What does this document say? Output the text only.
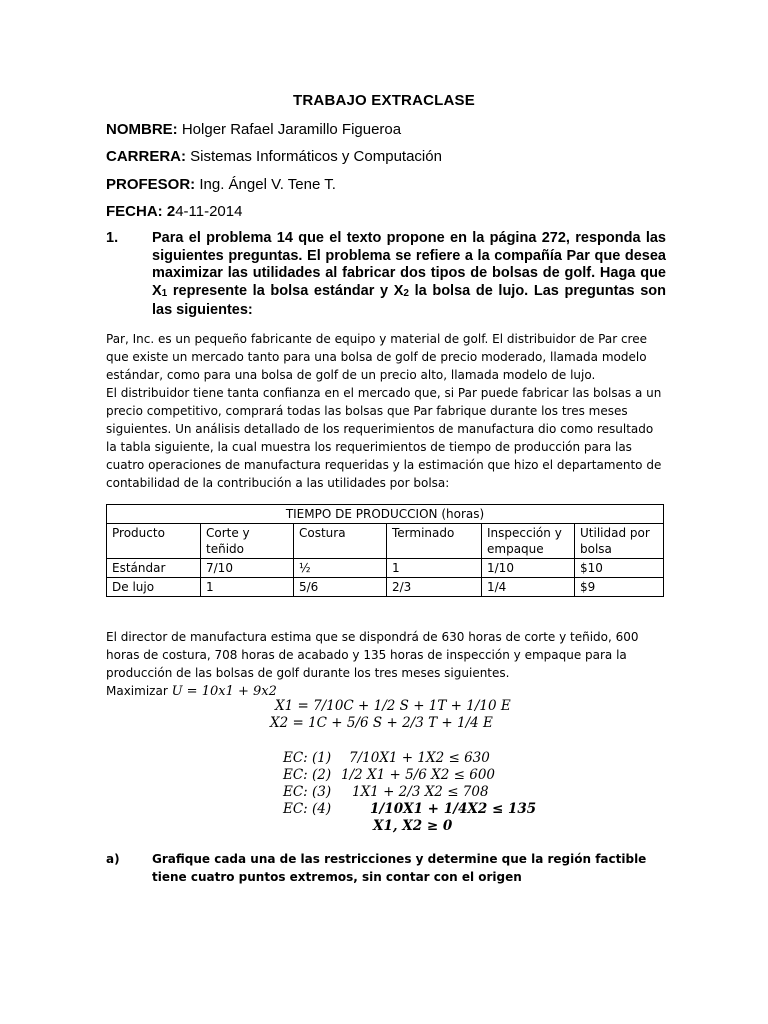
TRABAJO EXTRACLASE
NOMBRE: Holger Rafael Jaramillo Figueroa
CARRERA: Sistemas Informáticos y Computación
PROFESOR: Ing. Ángel V. Tene T.
FECHA: 24-11-2014
1. Para el problema 14 que el texto propone en la página 272, responda las siguientes preguntas. El problema se refiere a la compañía Par que desea maximizar las utilidades al fabricar dos tipos de bolsas de golf. Haga que $X_1$ represente la bolsa estándar y $X_2$ la bolsa de lujo. Las preguntas son las siguientes:
Par, Inc. es un pequeño fabricante de equipo y material de golf. El distribuidor de Par cree que existe un mercado tanto para una bolsa de golf de precio moderado, llamada modelo estándar, como para una bolsa de golf de un precio alto, llamada modelo de lujo.
El distribuidor tiene tanta confianza en el mercado que, si Par puede fabricar las bolsas a un precio competitivo, comprará todas las bolsas que Par fabrique durante los tres meses siguientes. Un análisis detallado de los requerimientos de manufactura dio como resultado la tabla siguiente, la cual muestra los requerimientos de tiempo de producción para las cuatro operaciones de manufactura requeridas y la estimación que hizo el departamento de contabilidad de la contribución a las utilidades por bolsa:
TIEMPO DE PRODUCCION (horas)					
Producto	Corte y teñido	Costura	Terminado	Inspección y empaque	Utilidad por bolsa
Estándar	7/10	½	1	1/10	$10
De lujo	1	5/6	2/3	1/4	$9
El director de manufactura estima que se dispondrá de 630 horas de corte y teñido, 600 horas de costura, 708 horas de acabado y 135 horas de inspección y empaque para la producción de las bolsas de golf durante los tres meses siguientes.
Maximizar U = 10x1 + 9x2
X1 = 7/10C + 1/2 S + 1T + 1/10 E
X2 = 1C + 5/6 S + 2/3 T + 1/4 E
EC: (1) 7/10X1 + 1X2 ≤ 630
EC: (2) 1/2 X1 + 5/6 X2 ≤ 600
EC: (3) 1X1 + 2/3 X2 ≤ 708
EC: (4)	1/10X1 + 1/4X2 ≤ 135
X1, X2 ≥ 0
a)	Grafique cada una de las restricciones y determine que la región factible tiene cuatro puntos extremos, sin contar con el origen
